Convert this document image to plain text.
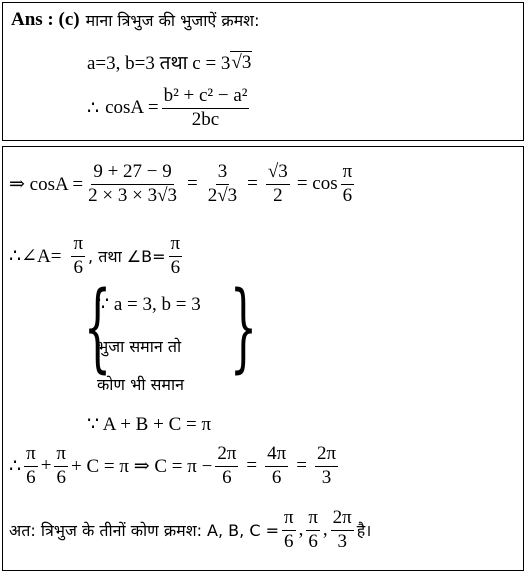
Ans : (c) माना त्रिभुज की भुजाऐं क्रमश:
a=3, b=3 तथा c = 3 √3
∴ $\cos A = \frac{\text{b² + c² − a²}}{2bc}$
⇒ $\cos A = \frac{9 + 27 - 9}{2 \times 3 \times 3√3} = \frac{3}{2√3} = \frac{√3}{2} = \cos \frac{\pi}{6}$
∴∠A= $\frac{\pi}{6}$ , तथा ∠B= $\frac{\pi}{6}$
{
∵ a = 3, b = 3
भुजा समान तो
कोण भी समान
}
∵ A + B + C = π
∴ $\frac{\pi}{6} + \frac{\pi}{6} + C = \pi$ ⇒ $C = \pi - \frac{2\pi}{6} = \frac{4\pi}{6} = \frac{2\pi}{3}$
अत: त्रिभुज के तीनों कोण क्रमश: A, B, $C = \frac{\pi}{6}$ , $\frac{\pi}{6}$ , $\frac{2\pi}{3}$ है।
